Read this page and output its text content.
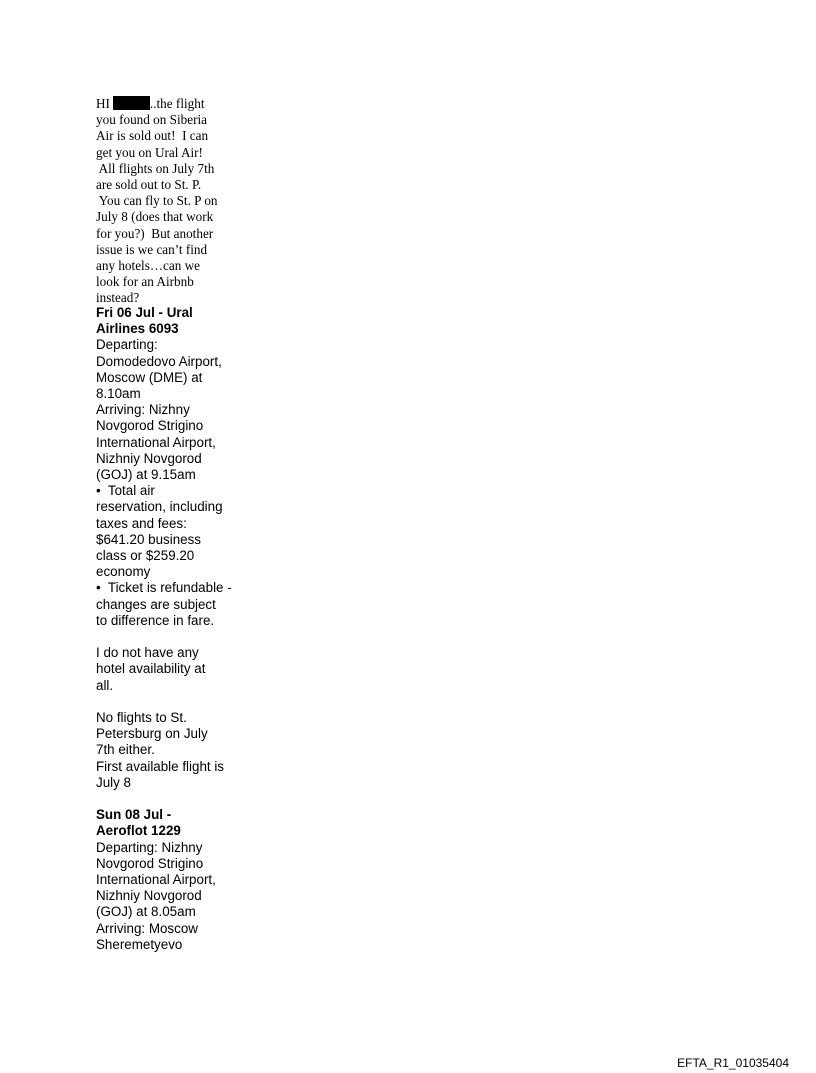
HI	..the flight
you found on Siberia
Air is sold out!  I can
get you on Ural Air!
All flights on July 7th
are sold out to St. P.
You can fly to St. P on
July 8 (does that work
for you?)  But another
issue is we can’t find
any hotels…can we
look for an Airbnb
instead?
Fri 06 Jul - Ural
Airlines 6093
Departing:
Domodedovo Airport,
Moscow (DME) at
8.10am
Arriving: Nizhny
Novgorod Strigino
International Airport,
Nizhniy Novgorod
(GOJ) at 9.15am
•  Total air
reservation, including
taxes and fees:
$641.20 business
class or $259.20
economy
•  Ticket is refundable -
changes are subject
to difference in fare.
I do not have any
hotel availability at
all.
No flights to St.
Petersburg on July
7th either.
First available flight is
July 8
Sun 08 Jul -
Aeroflot 1229
Departing: Nizhny
Novgorod Strigino
International Airport,
Nizhniy Novgorod
(GOJ) at 8.05am
Arriving: Moscow
Sheremetyevo
EFTA_R1_01035404
